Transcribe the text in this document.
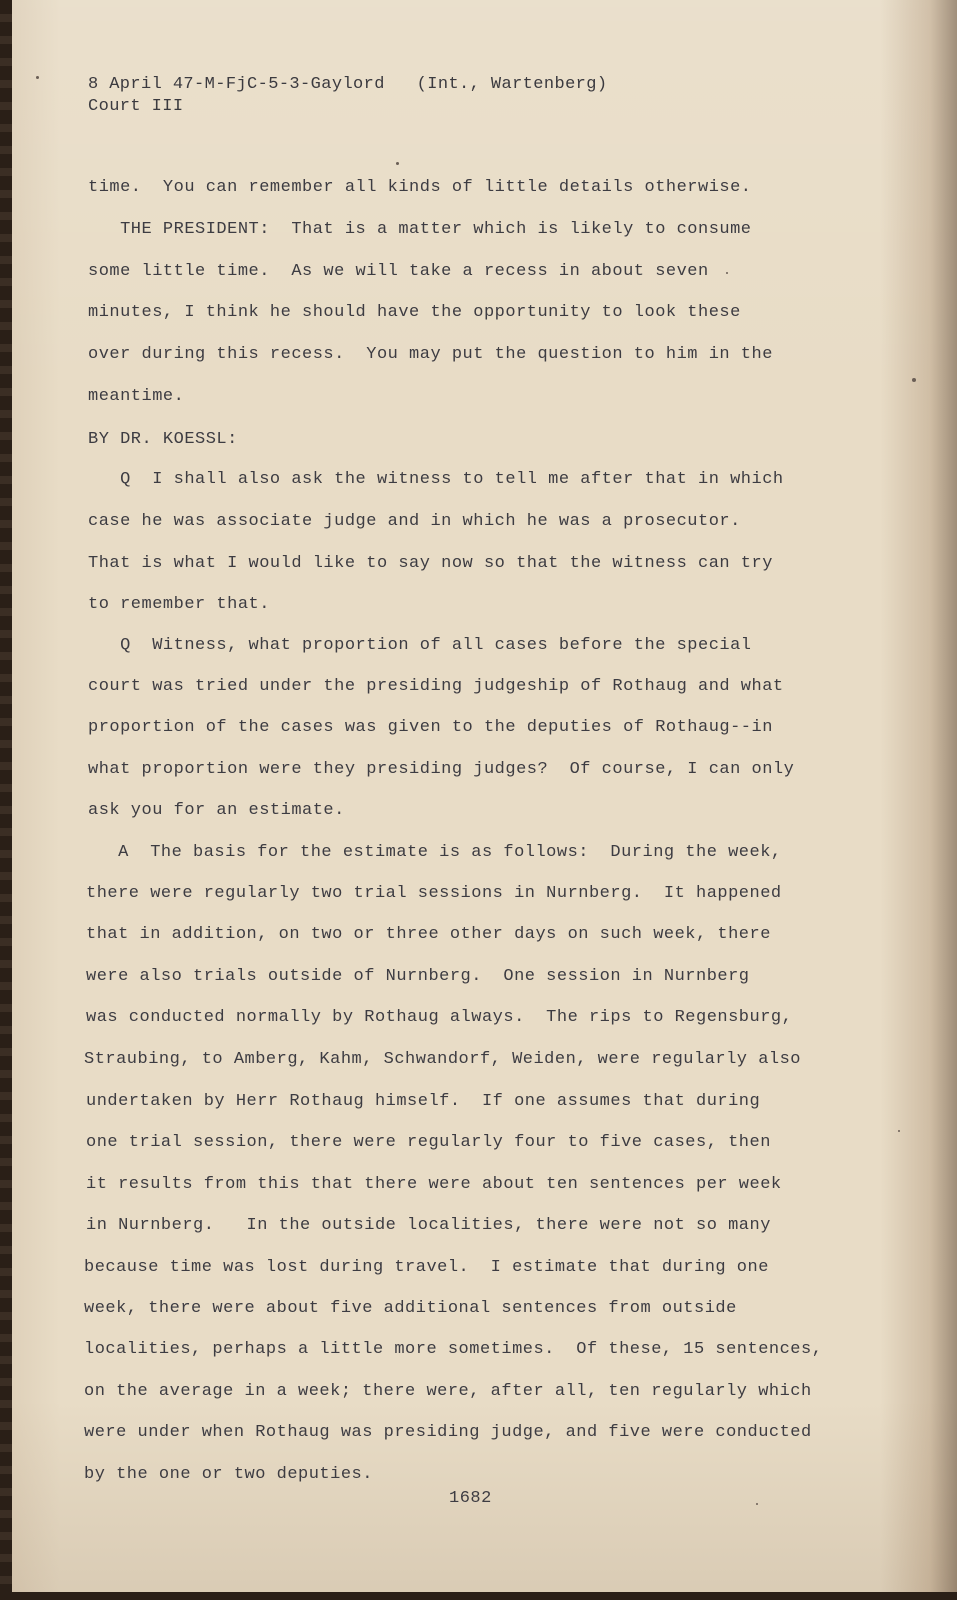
8 April 47-M-FjC-5-3-Gaylord   (Int., Wartenberg)
Court III
time.  You can remember all kinds of little details otherwise.
THE PRESIDENT:  That is a matter which is likely to consume
some little time.  As we will take a recess in about seven
minutes, I think he should have the opportunity to look these
over during this recess.  You may put the question to him in the
meantime.
BY DR. KOESSL:
Q  I shall also ask the witness to tell me after that in which
case he was associate judge and in which he was a prosecutor.
That is what I would like to say now so that the witness can try
to remember that.
Q  Witness, what proportion of all cases before the special
court was tried under the presiding judgeship of Rothaug and what
proportion of the cases was given to the deputies of Rothaug--in
what proportion were they presiding judges?  Of course, I can only
ask you for an estimate.
A  The basis for the estimate is as follows:  During the week,
there were regularly two trial sessions in Nurnberg.  It happened
that in addition, on two or three other days on such week, there
were also trials outside of Nurnberg.  One session in Nurnberg
was conducted normally by Rothaug always.  The rips to Regensburg,
Straubing, to Amberg, Kahm, Schwandorf, Weiden, were regularly also
undertaken by Herr Rothaug himself.  If one assumes that during
one trial session, there were regularly four to five cases, then
it results from this that there were about ten sentences per week
in Nurnberg.   In the outside localities, there were not so many
because time was lost during travel.  I estimate that during one
week, there were about five additional sentences from outside
localities, perhaps a little more sometimes.  Of these, 15 sentences,
on the average in a week; there were, after all, ten regularly which
were under when Rothaug was presiding judge, and five were conducted
by the one or two deputies.
1682
